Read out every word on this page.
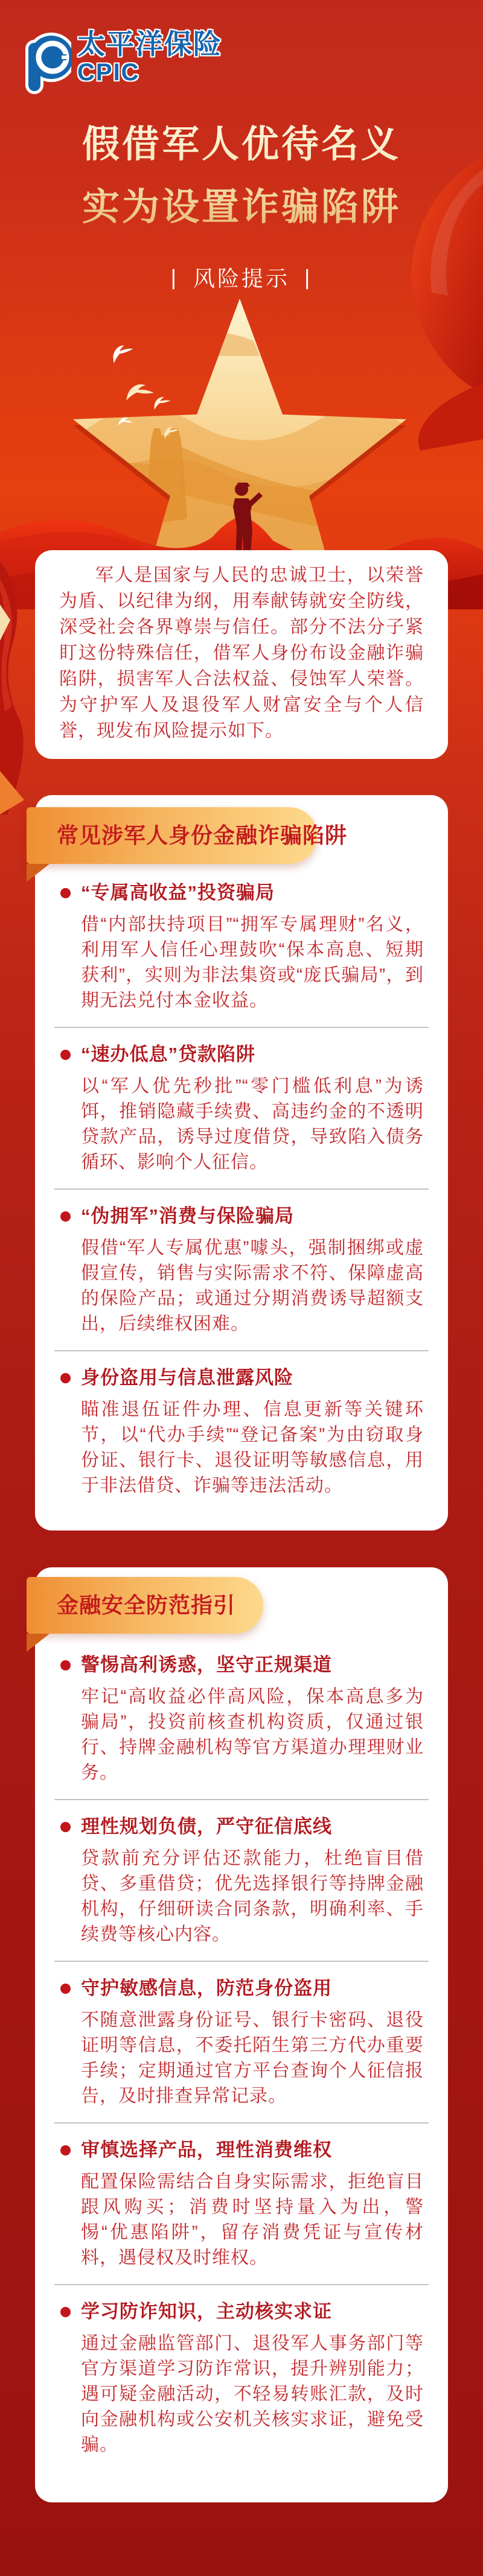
太平洋保险
CPIC
假借军人优待名义
实为设置诈骗陷阱
| 风险提示 |

军人是国家与人民的忠诚卫士，以荣誉为盾、以纪律为纲，用奉献铸就安全防线，深受社会各界尊崇与信任。部分不法分子紧盯这份特殊信任，借军人身份布设金融诈骗陷阱，损害军人合法权益、侵蚀军人荣誉。为守护军人及退役军人财富安全与个人信誉，现发布风险提示如下。

“专属高收益”投资骗局

借“内部扶持项目”“拥军专属理财”名义，利用军人信任心理鼓吹“保本高息、短期获利”，实则为非法集资或“庞氏骗局”，到期无法兑付本金收益。

“速办低息”贷款陷阱

以“军人优先秒批”“零门槛低利息”为诱饵，推销隐藏手续费、高违约金的不透明贷款产品，诱导过度借贷，导致陷入债务循环、影响个人征信。

“伪拥军”消费与保险骗局

假借“军人专属优惠”噱头，强制捆绑或虚假宣传，销售与实际需求不符、保障虚高的保险产品；或通过分期消费诱导超额支出，后续维权困难。

身份盗用与信息泄露风险

瞄准退伍证件办理、信息更新等关键环节，以“代办手续”“登记备案”为由窃取身份证、银行卡、退役证明等敏感信息，用于非法借贷、诈骗等违法活动。

警惕高利诱惑，坚守正规渠道

牢记“高收益必伴高风险，保本高息多为骗局”，投资前核查机构资质，仅通过银行、持牌金融机构等官方渠道办理理财业务。

理性规划负债，严守征信底线

贷款前充分评估还款能力，杜绝盲目借贷、多重借贷；优先选择银行等持牌金融机构，仔细研读合同条款，明确利率、手续费等核心内容。

守护敏感信息，防范身份盗用

不随意泄露身份证号、银行卡密码、退役证明等信息，不委托陌生第三方代办重要手续；定期通过官方平台查询个人征信报告，及时排查异常记录。

审慎选择产品，理性消费维权

配置保险需结合自身实际需求，拒绝盲目跟风购买；消费时坚持量入为出，警惕“优惠陷阱”，留存消费凭证与宣传材料，遇侵权及时维权。

学习防诈知识，主动核实求证

通过金融监管部门、退役军人事务部门等官方渠道学习防诈常识，提升辨别能力；遇可疑金融活动，不轻易转账汇款，及时向金融机构或公安机关核实求证，避免受骗。

常见涉军人身份金融诈骗陷阱
金融安全防范指引
